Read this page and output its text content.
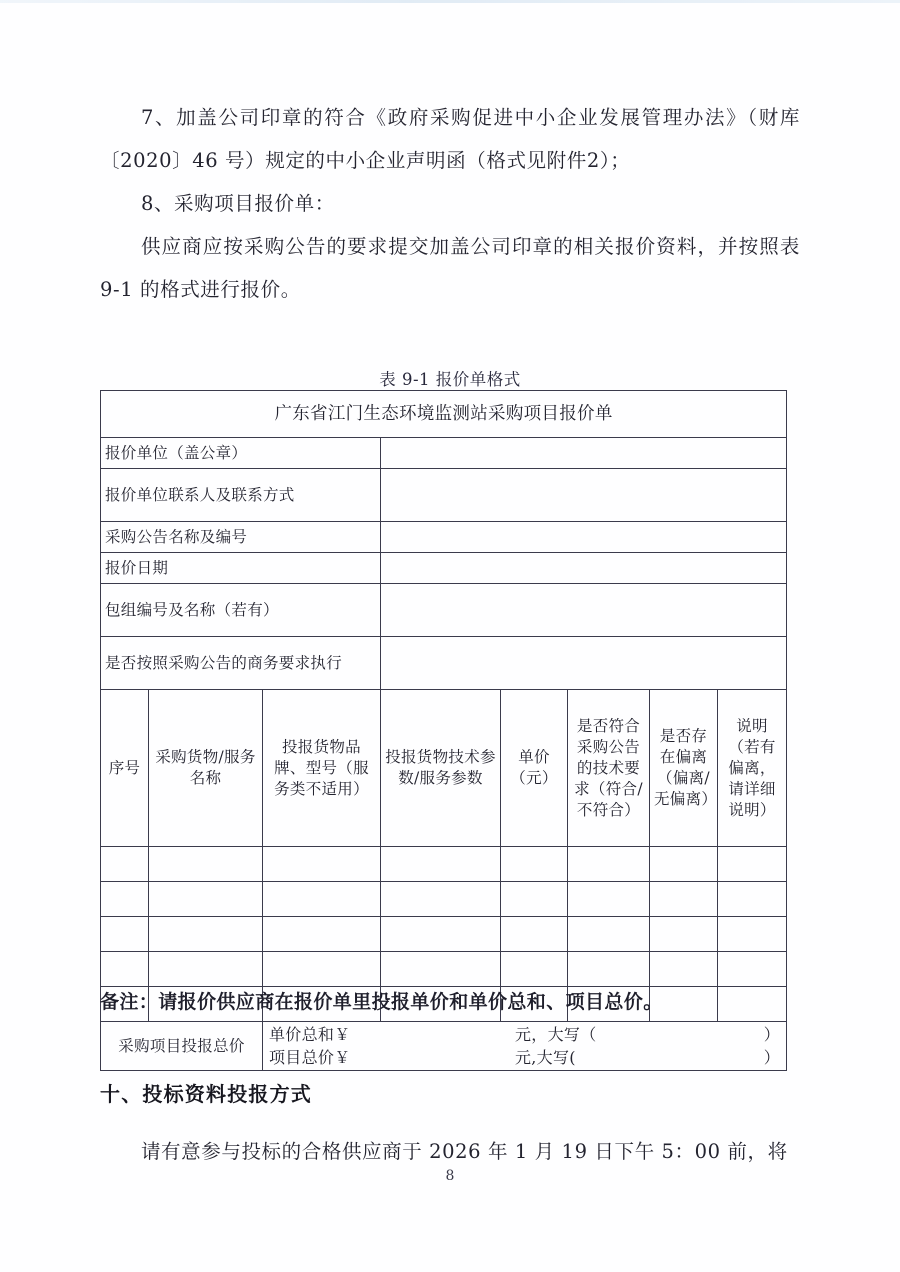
7、加盖公司印章的符合《政府采购促进中小企业发展管理办法》（财库〔2020〕46 号）规定的中小企业声明函（格式见附件2）；

8、采购项目报价单：

供应商应按采购公告的要求提交加盖公司印章的相关报价资料，并按照表 9-1 的格式进行报价。

表 9-1 报价单格式
广东省江门生态环境监测站采购项目报价单							
报价单位（盖公章）							
报价单位联系人及联系方式							
采购公告名称及编号							
报价日期							
包组编号及名称（若有）							
是否按照采购公告的商务要求执行							
序号	采购货物/服务名称	投报货物品牌、型号（服务类不适用）	投报货物技术参数/服务参数	单价（元）	是否符合采购公告的技术要求（符合/不符合）	是否存在偏离（偏离/无偏离）	说明（若有偏离，请详细说明）

采购项目投报总价	
单价总和￥	元，大写（	）
项目总价￥	元,大写(	）
备注：请报价供应商在报价单里投报单价和单价总和、项目总价。
十、投标资料投报方式

请有意参与投标的合格供应商于 2026 年 1 月 19 日下午 5：00 前，将

8
